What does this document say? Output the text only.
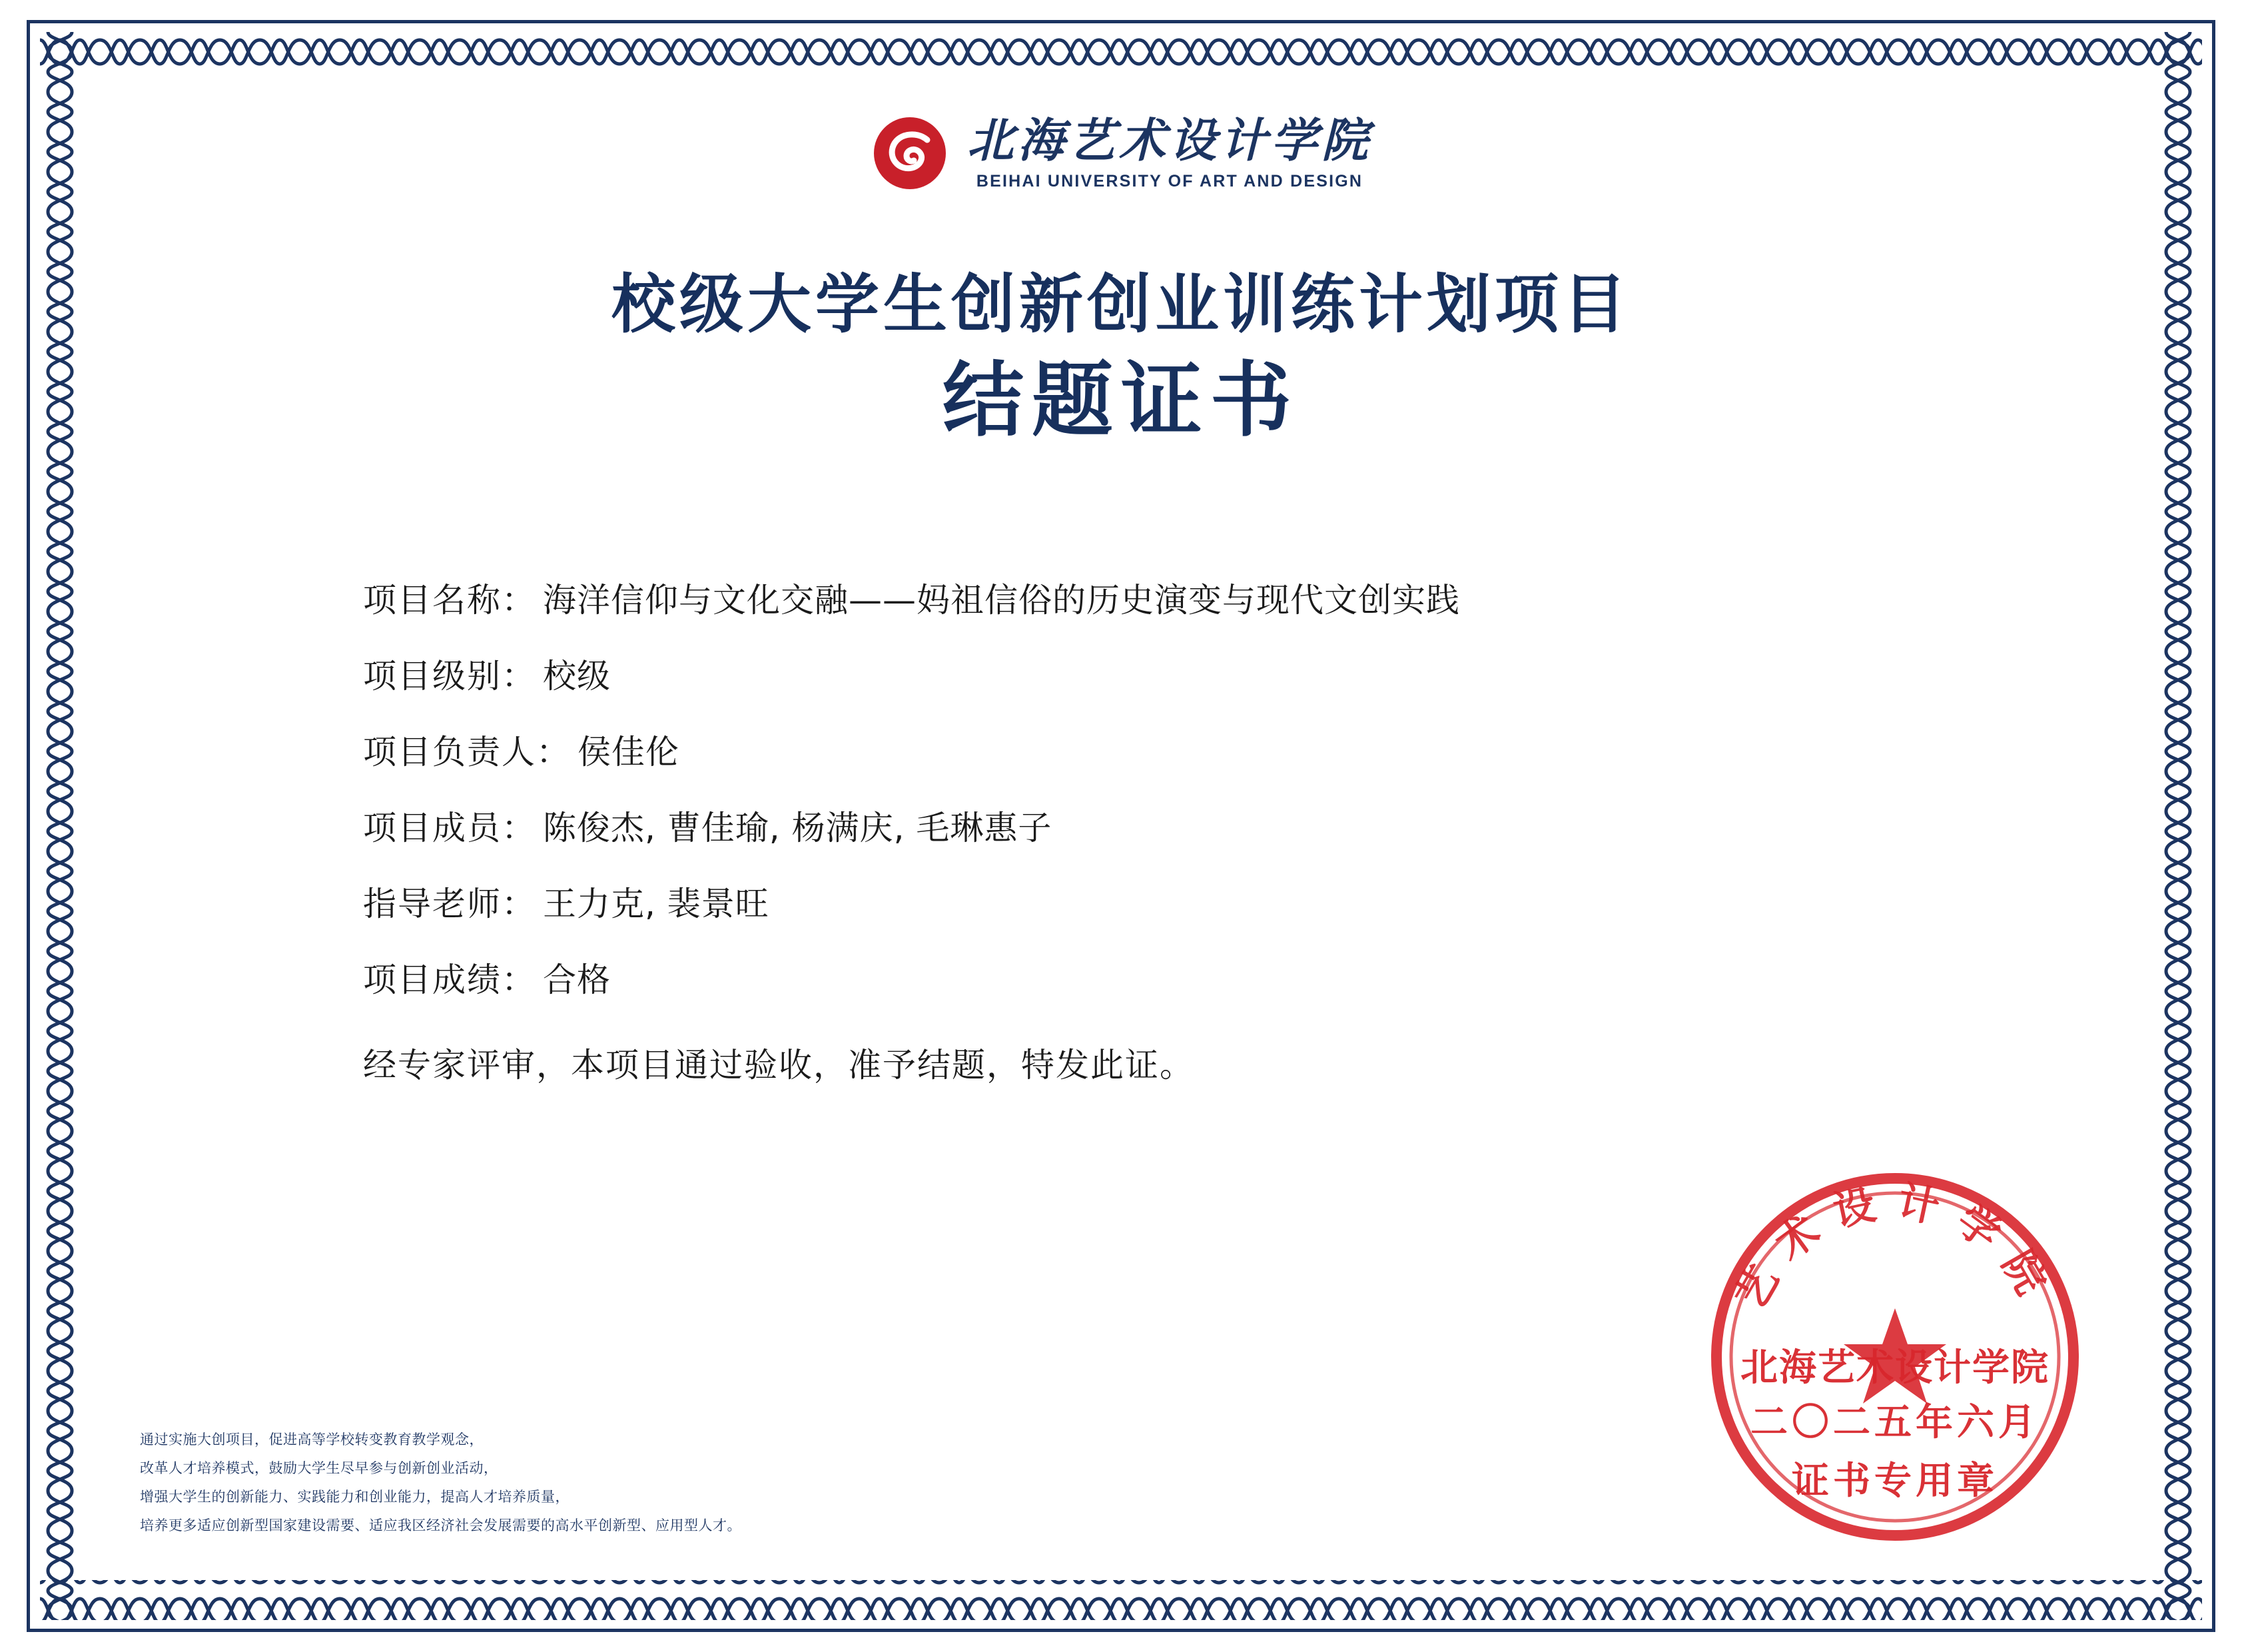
北海艺术设计学院
BEIHAI UNIVERSITY OF ART AND DESIGN
校级大学生创新创业训练计划项目
结题证书
项目名称： 海洋信仰与文化交融——妈祖信俗的历史演变与现代文创实践
项目级别： 校级
项目负责人： 侯佳伦
项目成员： 陈俊杰, 曹佳瑜, 杨满庆, 毛琳惠子
指导老师： 王力克, 裴景旺
项目成绩： 合格
经专家评审，本项目通过验收，准予结题，特发此证。
通过实施大创项目，促进高等学校转变教育教学观念，
改革人才培养模式，鼓励大学生尽早参与创新创业活动，
增强大学生的创新能力、实践能力和创业能力，提高人才培养质量，
培养更多适应创新型国家建设需要、适应我区经济社会发展需要的高水平创新型、应用型人才。
艺术设计学院
北海艺术设计学院
二〇二五年六月
证书专用章
